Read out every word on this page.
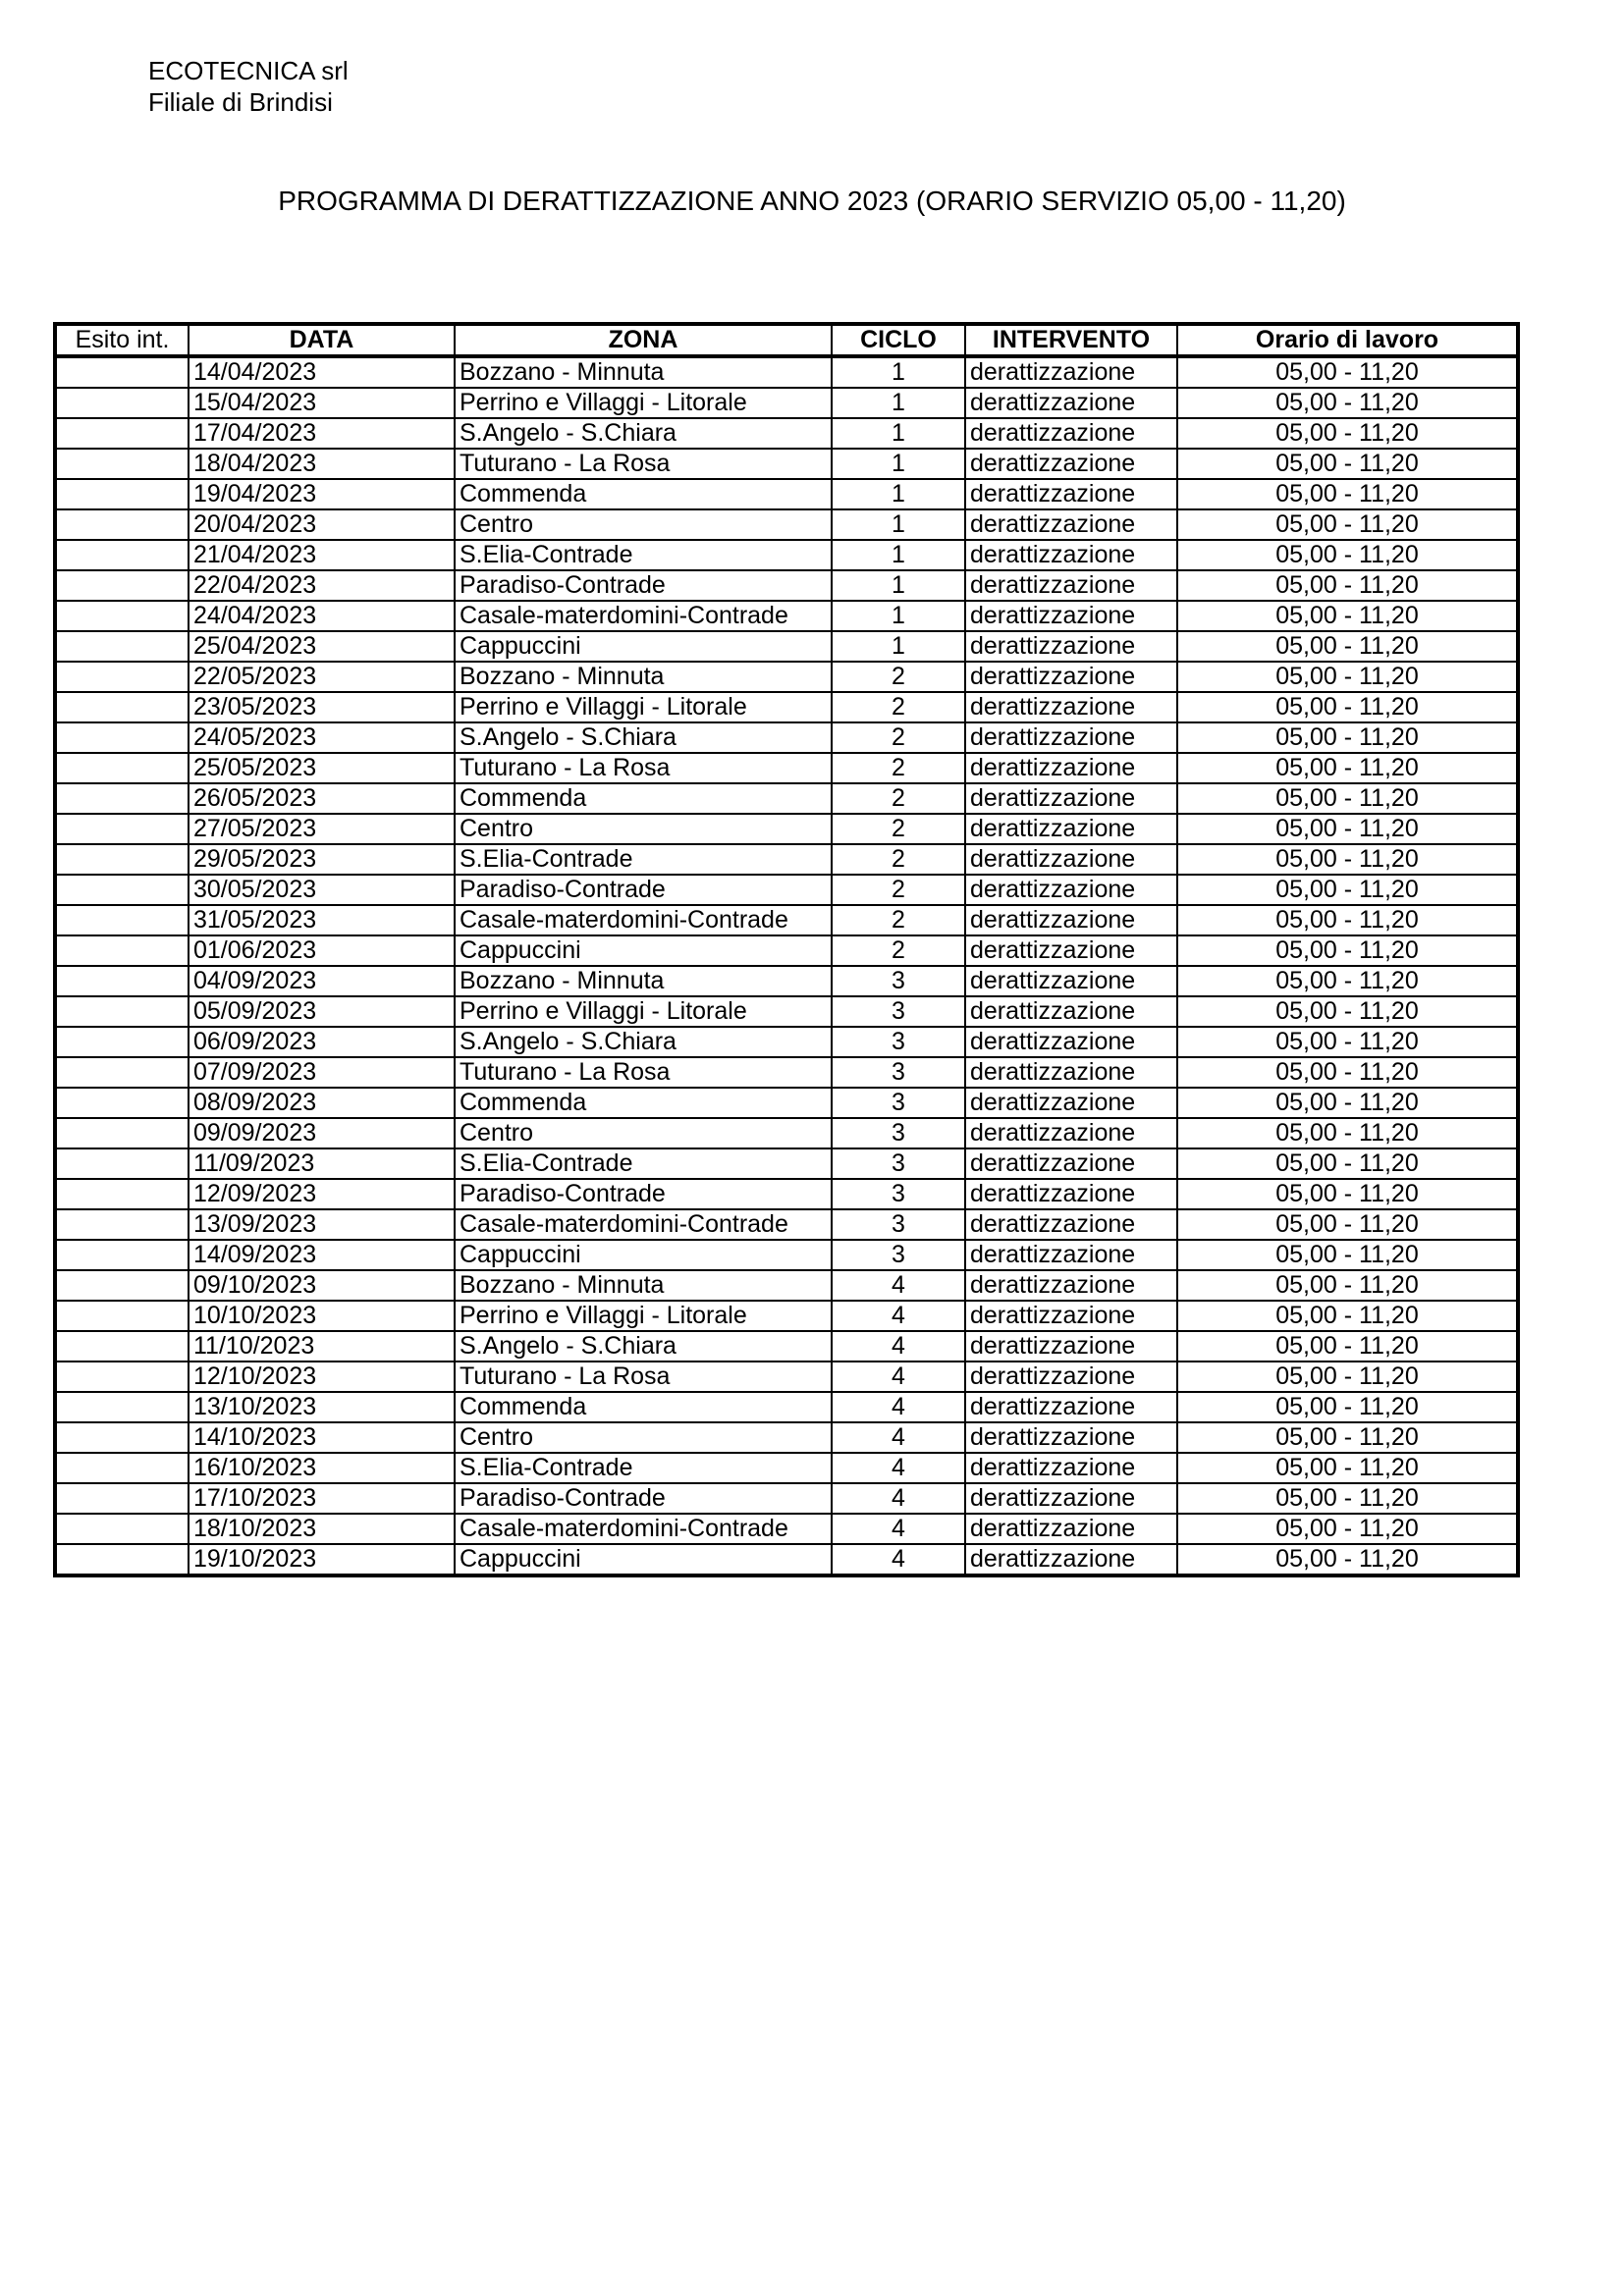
ECOTECNICA srl
Filiale di Brindisi
PROGRAMMA DI DERATTIZZAZIONE ANNO 2023 (ORARIO SERVIZIO 05,00 - 11,20)
Esito int.	DATA	ZONA	CICLO	INTERVENTO	Orario di lavoro
	14/04/2023	Bozzano - Minnuta	1	derattizzazione	05,00 - 11,20
	15/04/2023	Perrino e Villaggi - Litorale	1	derattizzazione	05,00 - 11,20
	17/04/2023	S.Angelo - S.Chiara	1	derattizzazione	05,00 - 11,20
	18/04/2023	Tuturano - La Rosa	1	derattizzazione	05,00 - 11,20
	19/04/2023	Commenda	1	derattizzazione	05,00 - 11,20
	20/04/2023	Centro	1	derattizzazione	05,00 - 11,20
	21/04/2023	S.Elia-Contrade	1	derattizzazione	05,00 - 11,20
	22/04/2023	Paradiso-Contrade	1	derattizzazione	05,00 - 11,20
	24/04/2023	Casale-materdomini-Contrade	1	derattizzazione	05,00 - 11,20
	25/04/2023	Cappuccini	1	derattizzazione	05,00 - 11,20
	22/05/2023	Bozzano - Minnuta	2	derattizzazione	05,00 - 11,20
	23/05/2023	Perrino e Villaggi - Litorale	2	derattizzazione	05,00 - 11,20
	24/05/2023	S.Angelo - S.Chiara	2	derattizzazione	05,00 - 11,20
	25/05/2023	Tuturano - La Rosa	2	derattizzazione	05,00 - 11,20
	26/05/2023	Commenda	2	derattizzazione	05,00 - 11,20
	27/05/2023	Centro	2	derattizzazione	05,00 - 11,20
	29/05/2023	S.Elia-Contrade	2	derattizzazione	05,00 - 11,20
	30/05/2023	Paradiso-Contrade	2	derattizzazione	05,00 - 11,20
	31/05/2023	Casale-materdomini-Contrade	2	derattizzazione	05,00 - 11,20
	01/06/2023	Cappuccini	2	derattizzazione	05,00 - 11,20
	04/09/2023	Bozzano - Minnuta	3	derattizzazione	05,00 - 11,20
	05/09/2023	Perrino e Villaggi - Litorale	3	derattizzazione	05,00 - 11,20
	06/09/2023	S.Angelo - S.Chiara	3	derattizzazione	05,00 - 11,20
	07/09/2023	Tuturano - La Rosa	3	derattizzazione	05,00 - 11,20
	08/09/2023	Commenda	3	derattizzazione	05,00 - 11,20
	09/09/2023	Centro	3	derattizzazione	05,00 - 11,20
	11/09/2023	S.Elia-Contrade	3	derattizzazione	05,00 - 11,20
	12/09/2023	Paradiso-Contrade	3	derattizzazione	05,00 - 11,20
	13/09/2023	Casale-materdomini-Contrade	3	derattizzazione	05,00 - 11,20
	14/09/2023	Cappuccini	3	derattizzazione	05,00 - 11,20
	09/10/2023	Bozzano - Minnuta	4	derattizzazione	05,00 - 11,20
	10/10/2023	Perrino e Villaggi - Litorale	4	derattizzazione	05,00 - 11,20
	11/10/2023	S.Angelo - S.Chiara	4	derattizzazione	05,00 - 11,20
	12/10/2023	Tuturano - La Rosa	4	derattizzazione	05,00 - 11,20
	13/10/2023	Commenda	4	derattizzazione	05,00 - 11,20
	14/10/2023	Centro	4	derattizzazione	05,00 - 11,20
	16/10/2023	S.Elia-Contrade	4	derattizzazione	05,00 - 11,20
	17/10/2023	Paradiso-Contrade	4	derattizzazione	05,00 - 11,20
	18/10/2023	Casale-materdomini-Contrade	4	derattizzazione	05,00 - 11,20
	19/10/2023	Cappuccini	4	derattizzazione	05,00 - 11,20
